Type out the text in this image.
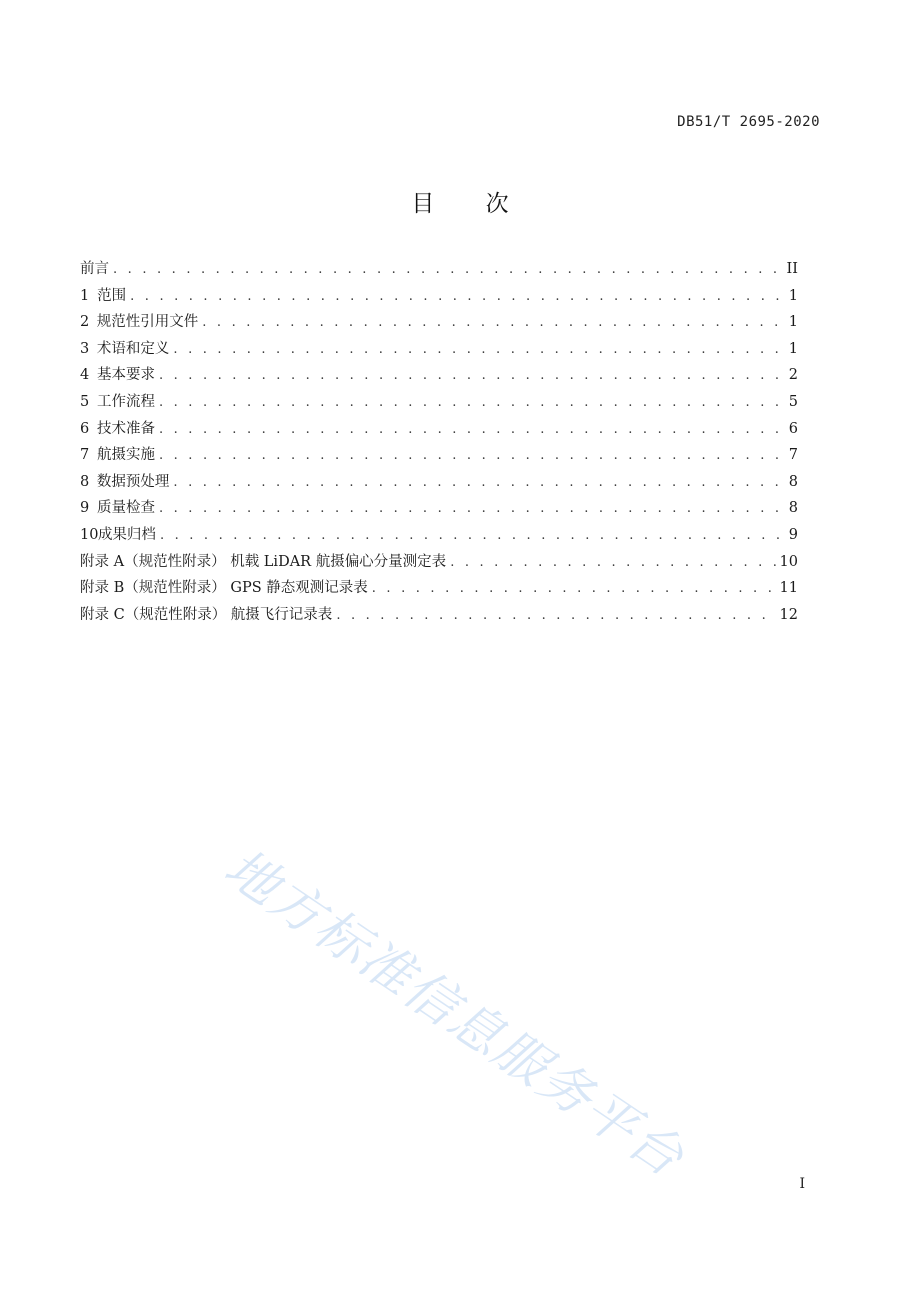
DB51/T 2695-2020
目 次
前言 . . .	II
1 范围 . . .	1
2 规范性引用文件 . . .	1
3 术语和定义 . . .	1
4 基本要求 . . .	2
5 工作流程 . . .	5
6 技术准备 . . .	6
7 航摄实施 . . .	7
8 数据预处理 . . .	8
9 质量检查 . . .	8
10 成果归档 . . .	9
附录 A（规范性附录） 机载 LiDAR 航摄偏心分量测定表 . . .	10
附录 B（规范性附录） GPS 静态观测记录表 . . .	11
附录 C（规范性附录） 航摄飞行记录表 . . .	12
地方标准信息服务平台	I
